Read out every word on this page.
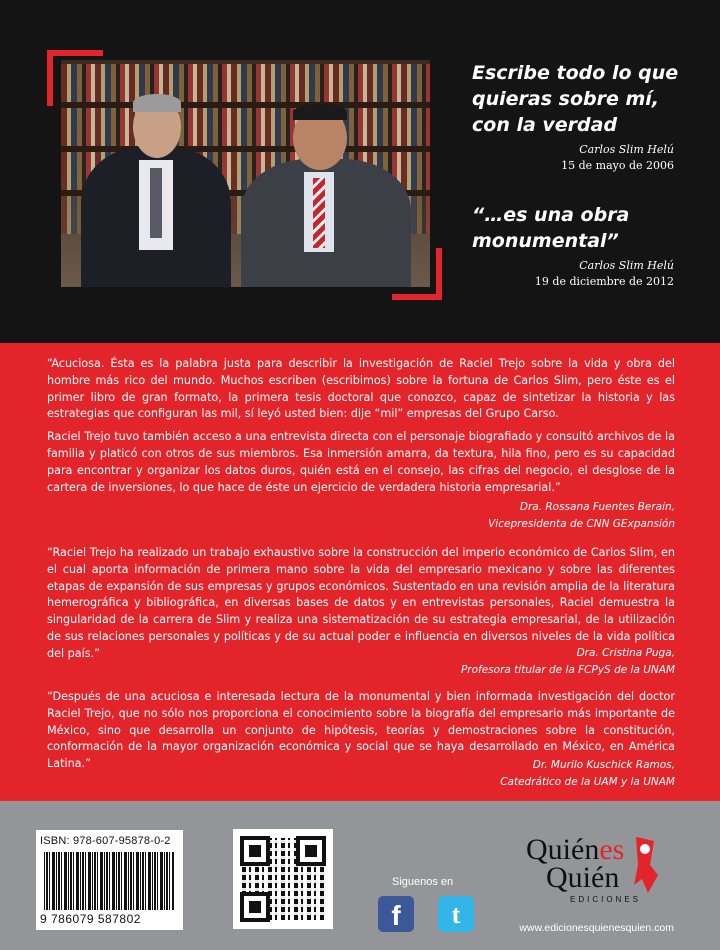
Escribe todo lo que
quieras sobre mí,
con la verdad
Carlos Slim Helú
15 de mayo de 2006
“…es una obra
monumental”
Carlos Slim Helú
19 de diciembre de 2012

“Acuciosa. Ésta es la palabra justa para describir la investigación de Raciel Trejo sobre la vida y obra del hombre más rico del mundo. Muchos escriben (escribimos) sobre la fortuna de Carlos Slim, pero éste es el primer libro de gran formato, la primera tesis doctoral que conozco, capaz de sintetizar la historia y las estrategias que configuran las mil, sí leyó usted bien: dije “mil” empresas del Grupo Carso.

Raciel Trejo tuvo también acceso a una entrevista directa con el personaje biografiado y consultó archivos de la familia y platicó con otros de sus miembros. Esa inmersión amarra, da textura, hila fino, pero es su capacidad para encontrar y organizar los datos duros, quién está en el consejo, las cifras del negocio, el desglose de la cartera de inversiones, lo que hace de éste un ejercicio de verdadera historia empresarial.”

Dra. Rossana Fuentes Berain,
Vicepresidenta de CNN GExpansión

“Raciel Trejo ha realizado un trabajo exhaustivo sobre la construcción del imperio económico de Carlos Slim, en el cual aporta información de primera mano sobre la vida del empresario mexicano y sobre las diferentes etapas de expansión de sus empresas y grupos económicos. Sustentado en una revisión amplia de la literatura hemerográfica y bibliográfica, en diversas bases de datos y en entrevistas personales, Raciel demuestra la singularidad de la carrera de Slim y realiza una sistematización de su estrategia empresarial, de la utilización de sus relaciones personales y políticas y de su actual poder e influencia en diversos niveles de la vida política del país.”	Dra. Cristina Puga,
Profesora titular de la FCPyS de la UNAM

“Después de una acuciosa e interesada lectura de la monumental y bien informada investigación del doctor Raciel Trejo, que no sólo nos proporciona el conocimiento sobre la biografía del empresario más importante de México, sino que desarrolla un conjunto de hipótesis, teorías y demostraciones sobre la constitución, conformación de la mayor organización económica y social que se haya desarrollado en México, en América Latina.”	Dr. Murilo Kuschick Ramos,
Catedrático de la UAM y la UNAM
ISBN: 978-607-95878-0-2
9 786079 587802
Siguenos en
f	t
Quiénes
Quién
EDICIONES
www.edicionesquienesquien.com
